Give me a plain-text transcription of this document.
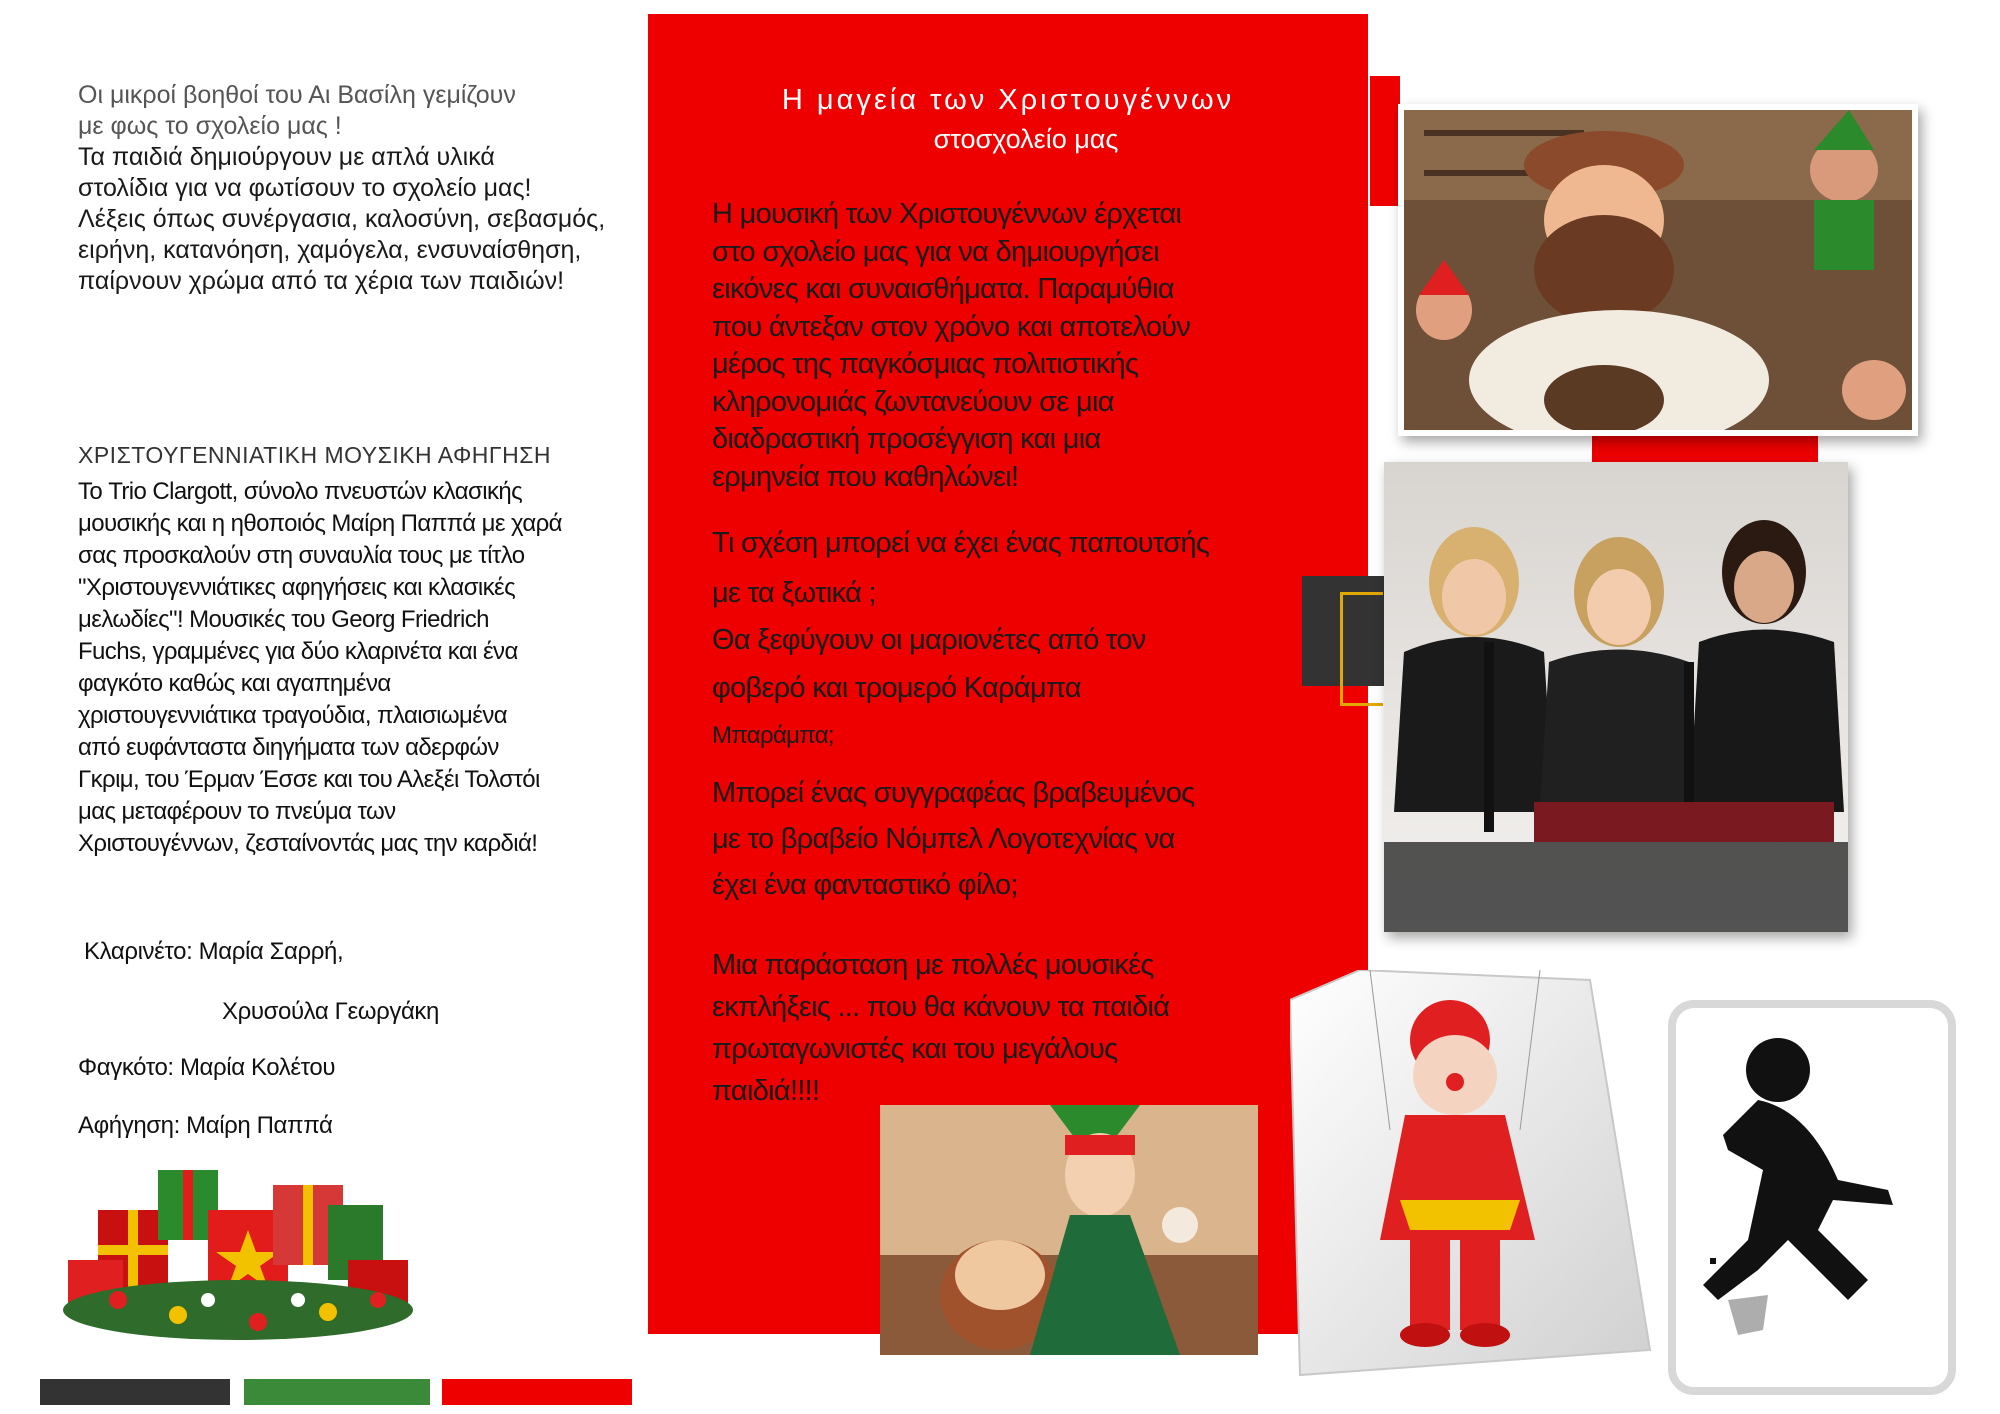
Οι μικροί βοηθοί του Αι Βασίλη γεμίζουν
με φως το σχολείο μας !
Τα παιδιά δημιούργουν με απλά υλικά
στολίδια για να φωτίσουν το σχολείο μας!
Λέξεις όπως συνέργασια, καλοσύνη, σεβασμός,
ειρήνη, κατανόηση, χαμόγελα, ενσυναίσθηση,
παίρνουν χρώμα από τα χέρια των παιδιών!
ΧΡΙΣΤΟΥΓΕΝΝΙΑΤΙΚΗ ΜΟΥΣΙΚΗ ΑΦΗΓΗΣΗ
Το Trio Clargott, σύνολο πνευστών κλασικής
μουσικής και η ηθοποιός Μαίρη Παππά με χαρά
σας προσκαλούν στη συναυλία τους με τίτλο
"Χριστουγεννιάτικες αφηγήσεις και κλασικές
μελωδίες"! Μουσικές του Georg Friedrich
Fuchs, γραμμένες για δύο κλαρινέτα και ένα
φαγκότο καθώς και αγαπημένα
χριστουγεννιάτικα τραγούδια, πλαισιωμένα
από ευφάνταστα διηγήματα των αδερφών
Γκριμ, του Έρμαν Έσσε και του Αλεξέι Τολστόι
μας μεταφέρουν το πνεύμα των
Χριστουγέννων, ζεσταίνοντάς μας την καρδιά!
Κλαρινέτο: Μαρία Σαρρή,
Χρυσούλα Γεωργάκη
Φαγκότο: Μαρία Κολέτου
Αφήγηση: Μαίρη Παππά
Η μαγεία των Χριστουγέννων
στοσχολείο μας
Η μουσική των Χριστουγέννων έρχεται
στο σχολείο μας για να δημιουργήσει
εικόνες και συναισθήματα. Παραμύθια
που άντεξαν στον χρόνο και αποτελούν
μέρος της παγκόσμιας πολιτιστικής
κληρονομιάς ζωντανεύουν σε μια
διαδραστική προσέγγιση και μια
ερμηνεία που καθηλώνει!
Τι σχέση μπορεί να έχει ένας παπουτσής
με τα ξωτικά ;
Θα ξεφύγουν οι μαριονέτες από τον
φοβερό και τρομερό Καράμπα
Μπαράμπα;
Μπορεί ένας συγγραφέας βραβευμένος
με το βραβείο Νόμπελ Λογοτεχνίας να
έχει ένα φανταστικό φίλο;
Μια παράσταση με πολλές μουσικές
εκπλήξεις ... που θα κάνουν τα παιδιά
πρωταγωνιστές και του μεγάλους
παιδιά!!!!
